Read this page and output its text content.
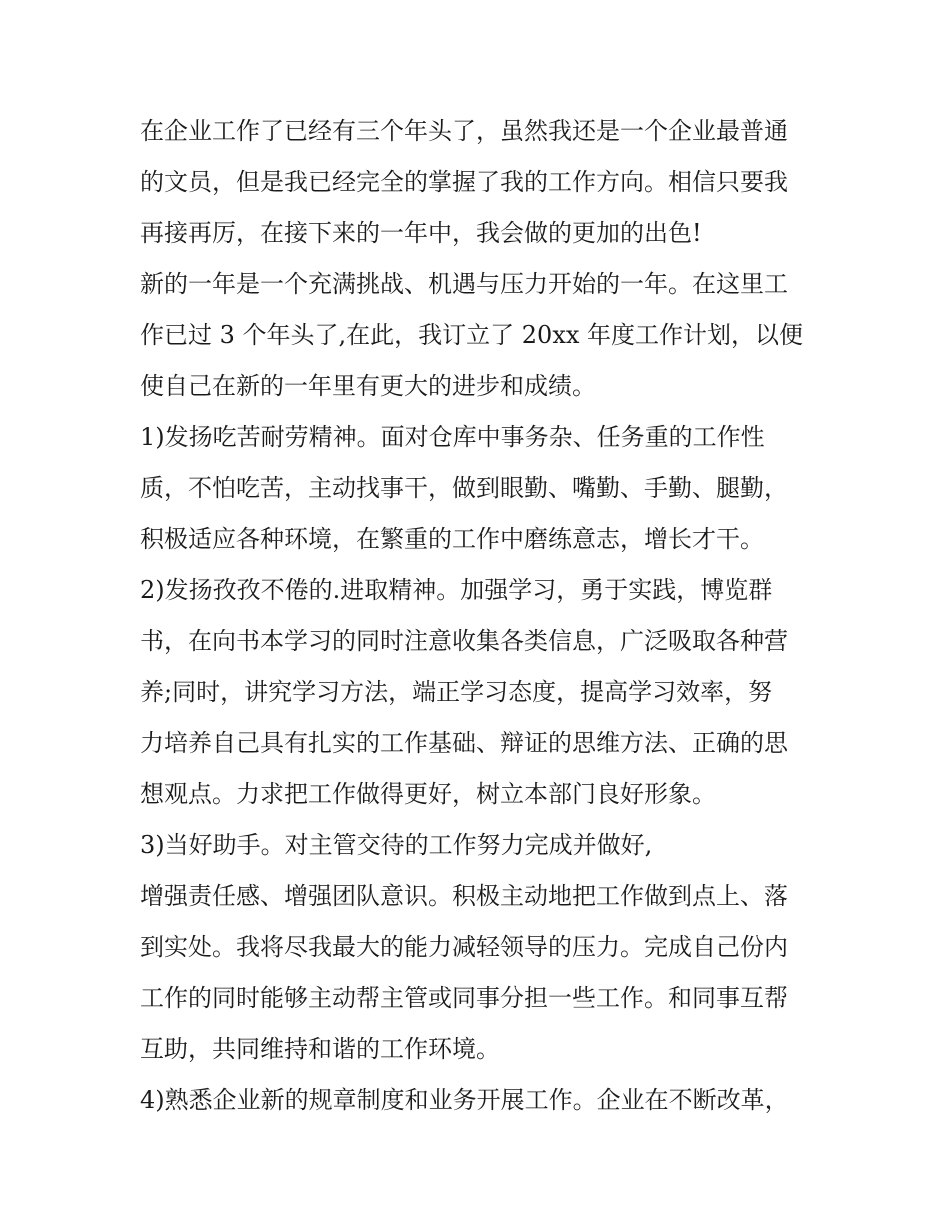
在企业工作了已经有三个年头了，虽然我还是一个企业最普通
的文员，但是我已经完全的掌握了我的工作方向。相信只要我
再接再厉，在接下来的一年中，我会做的更加的出色!
新的一年是一个充满挑战、机遇与压力开始的一年。在这里工
作已过 3 个年头了,在此，我订立了 20xx 年度工作计划，以便
使自己在新的一年里有更大的进步和成绩。
1)发扬吃苦耐劳精神。面对仓库中事务杂、任务重的工作性
质，不怕吃苦，主动找事干，做到眼勤、嘴勤、手勤、腿勤，
积极适应各种环境，在繁重的工作中磨练意志，增长才干。
2)发扬孜孜不倦的.进取精神。加强学习，勇于实践，博览群
书，在向书本学习的同时注意收集各类信息，广泛吸取各种营
养;同时，讲究学习方法，端正学习态度，提高学习效率，努
力培养自己具有扎实的工作基础、辩证的思维方法、正确的思
想观点。力求把工作做得更好，树立本部门良好形象。
3)当好助手。对主管交待的工作努力完成并做好,
增强责任感、增强团队意识。积极主动地把工作做到点上、落
到实处。我将尽我最大的能力减轻领导的压力。完成自己份内
工作的同时能够主动帮主管或同事分担一些工作。和同事互帮
互助，共同维持和谐的工作环境。
4)熟悉企业新的规章制度和业务开展工作。企业在不断改革，
